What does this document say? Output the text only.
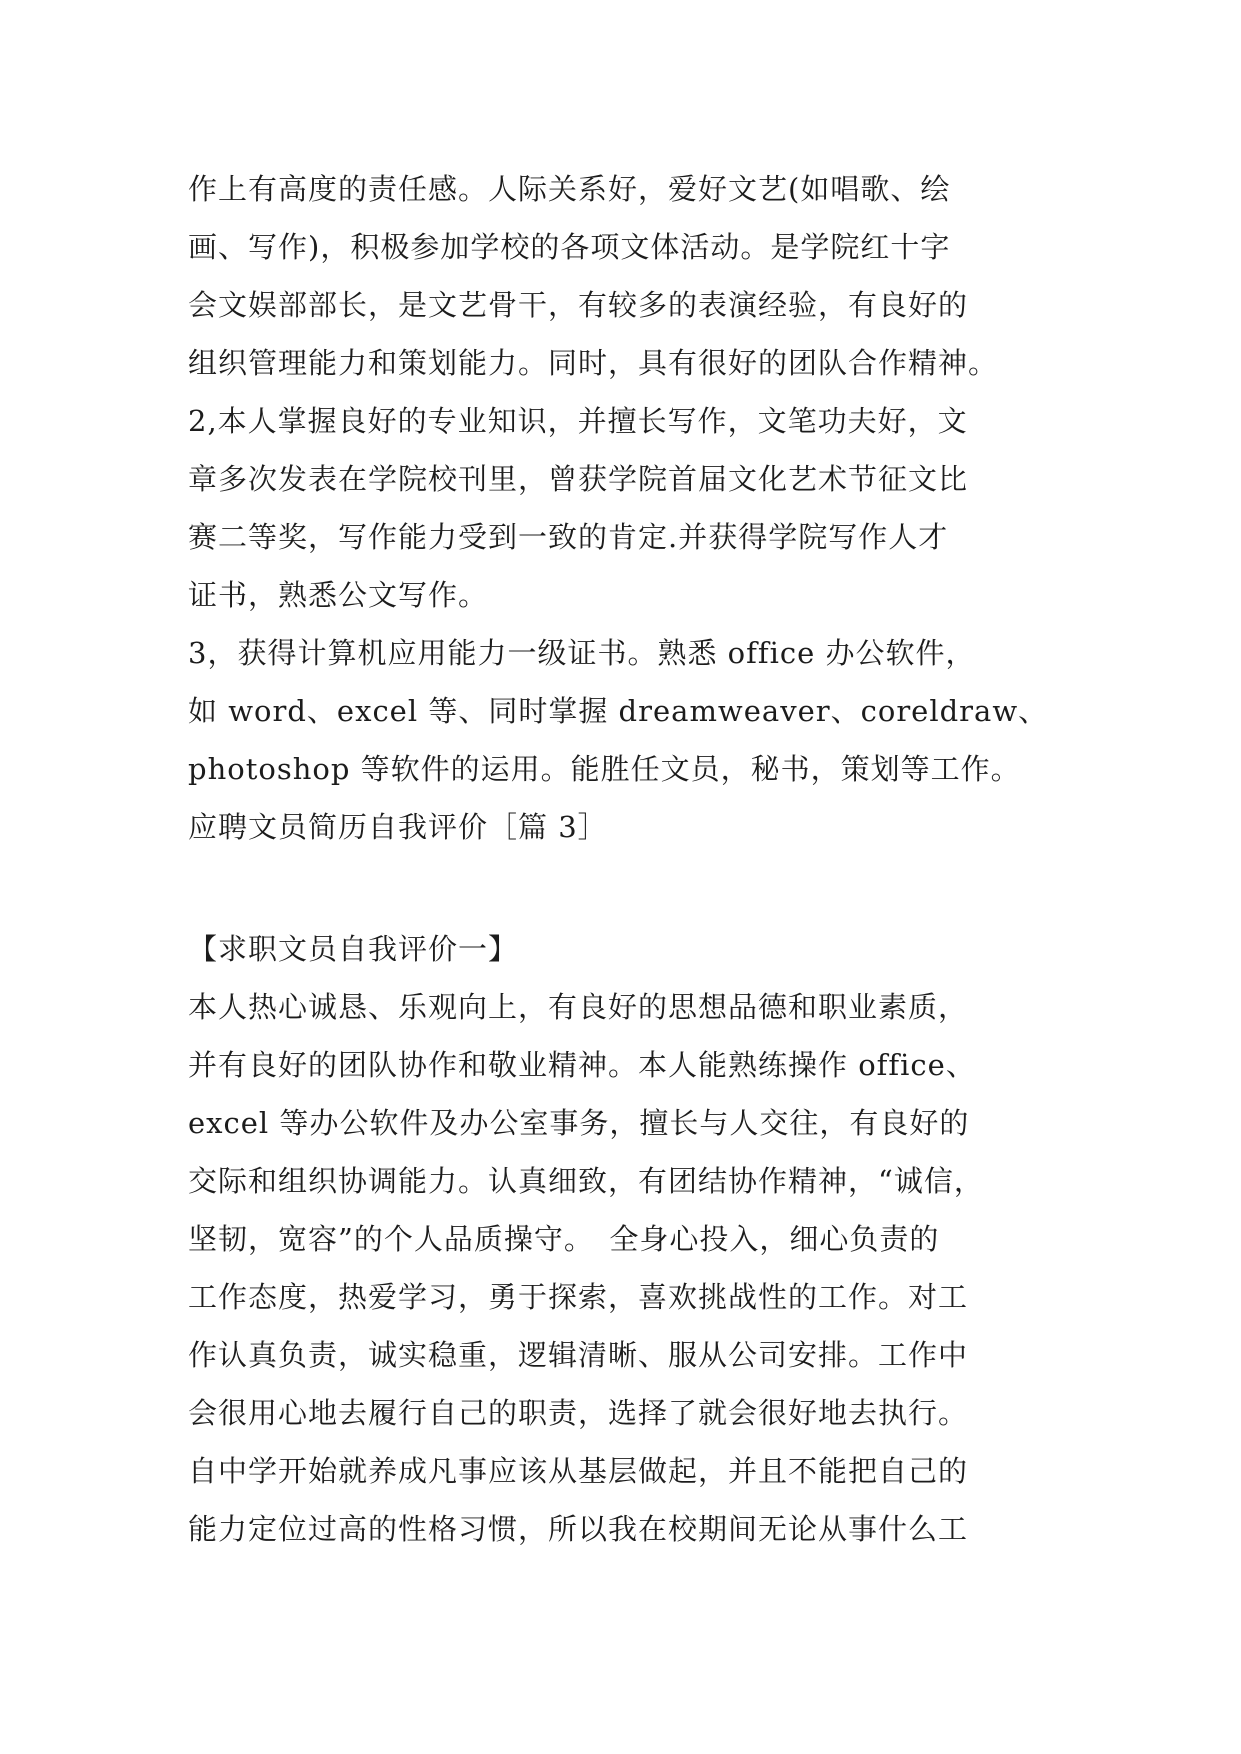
作上有高度的责任感。人际关系好，爱好文艺(如唱歌、绘
画、写作)，积极参加学校的各项文体活动。是学院红十字
会文娱部部长，是文艺骨干，有较多的表演经验，有良好的
组织管理能力和策划能力。同时，具有很好的团队合作精神。
2,本人掌握良好的专业知识，并擅长写作，文笔功夫好，文
章多次发表在学院校刊里，曾获学院首届文化艺术节征文比
赛二等奖，写作能力受到一致的肯定.并获得学院写作人才
证书，熟悉公文写作。
3，获得计算机应用能力一级证书。熟悉 office 办公软件，
如 word、excel 等、同时掌握 dreamweaver、coreldraw、
photoshop 等软件的运用。能胜任文员，秘书，策划等工作。
应聘文员简历自我评价［篇 3］
【求职文员自我评价一】
本人热心诚恳、乐观向上，有良好的思想品德和职业素质，
并有良好的团队协作和敬业精神。本人能熟练操作 office、
excel 等办公软件及办公室事务，擅长与人交往，有良好的
交际和组织协调能力。认真细致，有团结协作精神，“诚信，
坚韧，宽容”的个人品质操守。　全身心投入，细心负责的
工作态度，热爱学习，勇于探索，喜欢挑战性的工作。对工
作认真负责，诚实稳重，逻辑清晰、服从公司安排。工作中
会很用心地去履行自己的职责，选择了就会很好地去执行。
自中学开始就养成凡事应该从基层做起，并且不能把自己的
能力定位过高的性格习惯，所以我在校期间无论从事什么工
